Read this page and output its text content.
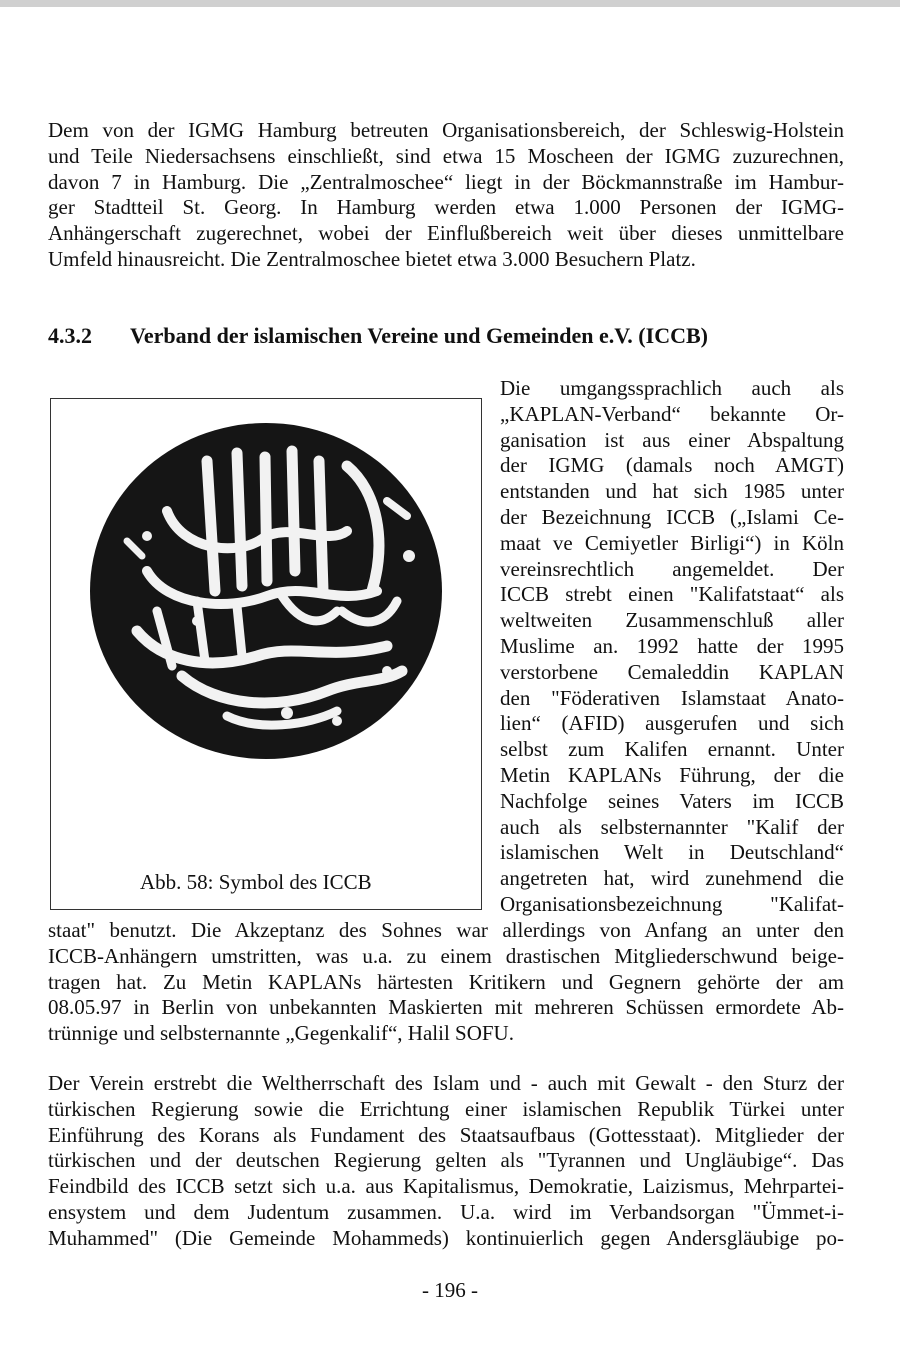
Dem von der IGMG Hamburg betreuten Organisationsbereich, der Schleswig-Holstein
und Teile Niedersachsens einschließt, sind etwa 15 Moscheen der IGMG zuzurechnen,
davon 7 in Hamburg. Die „Zentralmoschee“ liegt in der Böckmannstraße im Hambur-
ger Stadtteil St. Georg. In Hamburg werden etwa 1.000 Personen der IGMG-
Anhängerschaft zugerechnet, wobei der Einflußbereich weit über dieses unmittelbare
Umfeld hinausreicht. Die Zentralmoschee bietet etwa 3.000 Besuchern Platz.
4.3.2 Verband der islamischen Vereine und Gemeinden e.V. (ICCB)
Abb. 58: Symbol des ICCB
Die umgangssprachlich auch als
„KAPLAN-Verband“ bekannte Or-
ganisation ist aus einer Abspaltung
der IGMG (damals noch AMGT)
entstanden und hat sich 1985 unter
der Bezeichnung ICCB („Islami Ce-
maat ve Cemiyetler Birligi“) in Köln
vereinsrechtlich angemeldet. Der
ICCB strebt einen "Kalifatstaat“ als
weltweiten Zusammenschluß aller
Muslime an. 1992 hatte der 1995
verstorbene Cemaleddin KAPLAN
den "Föderativen Islamstaat Anato-
lien“ (AFID) ausgerufen und sich
selbst zum Kalifen ernannt. Unter
Metin KAPLANs Führung, der die
Nachfolge seines Vaters im ICCB
auch als selbsternannter "Kalif der
islamischen Welt in Deutschland“
angetreten hat, wird zunehmend die
Organisationsbezeichnung "Kalifat-
staat" benutzt. Die Akzeptanz des Sohnes war allerdings von Anfang an unter den
ICCB-Anhängern umstritten, was u.a. zu einem drastischen Mitgliederschwund beige-
tragen hat. Zu Metin KAPLANs härtesten Kritikern und Gegnern gehörte der am
08.05.97 in Berlin von unbekannten Maskierten mit mehreren Schüssen ermordete Ab-
trünnige und selbsternannte „Gegenkalif“, Halil SOFU.
Der Verein erstrebt die Weltherrschaft des Islam und - auch mit Gewalt - den Sturz der
türkischen Regierung sowie die Errichtung einer islamischen Republik Türkei unter
Einführung des Korans als Fundament des Staatsaufbaus (Gottesstaat). Mitglieder der
türkischen und der deutschen Regierung gelten als "Tyrannen und Ungläubige“. Das
Feindbild des ICCB setzt sich u.a. aus Kapitalismus, Demokratie, Laizismus, Mehrpartei-
ensystem und dem Judentum zusammen. U.a. wird im Verbandsorgan "Ümmet-i-
Muhammed" (Die Gemeinde Mohammeds) kontinuierlich gegen Andersgläubige po-
- 196 -
